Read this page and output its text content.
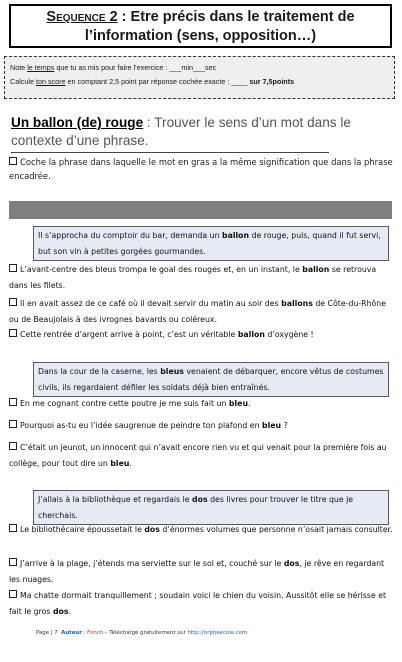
Sequence 2 : Etre précis dans le traitement de
l’information (sens, opposition…)
Note le temps que tu as mis pour faire l’exercice : ___min___sec
Calcule ton score en comptant 2,5 point par réponse cochée exacte : ____ sur 7,5points
Un ballon (de) rouge : Trouver le sens d’un mot dans le contexte d’une phrase.
Coche la phrase dans laquelle le mot en gras a la même signification que dans la phrase encadrée.
Il s’approcha du comptoir du bar, demanda un ballon de rouge, puis, quand il fut servi, but son vin à petites gorgées gourmandes.
L’avant-centre des bleus trompa le goal des rouges et, en un instant, le ballon se retrouva dans les filets.
Il en avait assez de ce café où il devait servir du matin au soir des ballons de Côte-du-Rhône ou de Beaujolais à des ivrognes bavards ou coléreux.
Cette rentrée d’argent arrive à point, c’est un véritable ballon d’oxygène !
Dans la cour de la caserne, les bleus venaient de débarquer, encore vêtus de costumes civils, ils regardaient défiler les soldats déjà bien entraînés.
En me cognant contre cette poutre je me suis fait un bleu.
Pourquoi as-tu eu l’idée saugrenue de peindre ton plafond en bleu ?
C’était un jeunot, un innocent qui n’avait encore rien vu et qui venait pour la première fois au collège, pour tout dire un bleu.
J’allais à la bibliothèque et regardais le dos des livres pour trouver le titre que je cherchais.
Le bibliothécaire époussetait le dos d’énormes volumes que personne n’osait jamais consulter.
J’arrive à la plage, j’étends ma serviette sur le sol et, couché sur le dos, je rêve en regardant les nuages.
Ma chatte dormait tranquillement ; soudain voici le chien du voisin. Aussitôt elle se hérisse et fait le gros dos.
Page | 7 Auteur : Fonch – Téléchargé gratuitement sur http://orpheecole.com
